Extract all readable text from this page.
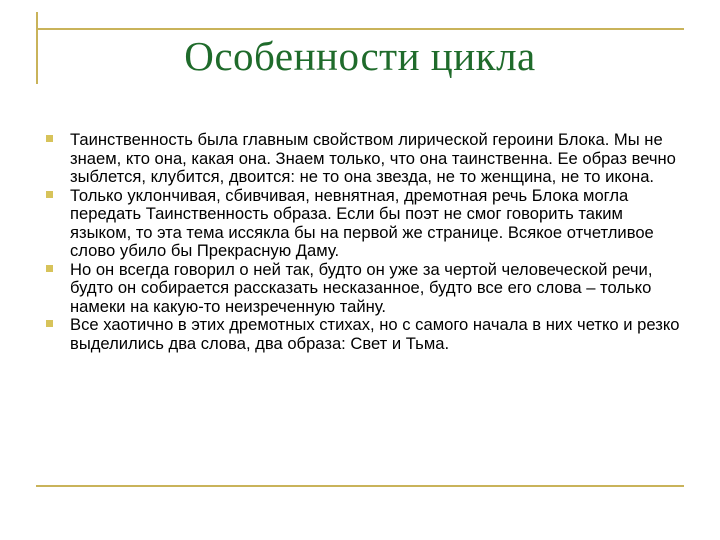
Особенности цикла
Таинственность была главным свойством лирической героини Блока. Мы не знаем, кто она, какая она. Знаем только, что она таинственна. Ее образ вечно зыблется, клубится, двоится: не то она звезда, не то женщина, не то икона.
Только уклончивая, сбивчивая, невнятная, дремотная речь Блока могла передать Таинственность образа. Если бы поэт не смог говорить таким языком, то эта тема иссякла бы на первой же странице. Всякое отчетливое слово убило бы Прекрасную Даму.
Но он всегда говорил о ней так, будто он уже за чертой человеческой речи, будто он собирается рассказать несказанное, будто все его слова – только намеки на какую-то неизреченную тайну.
Все хаотично в этих дремотных стихах, но с самого начала в них четко и резко выделились два слова, два образа: Свет и Тьма.
